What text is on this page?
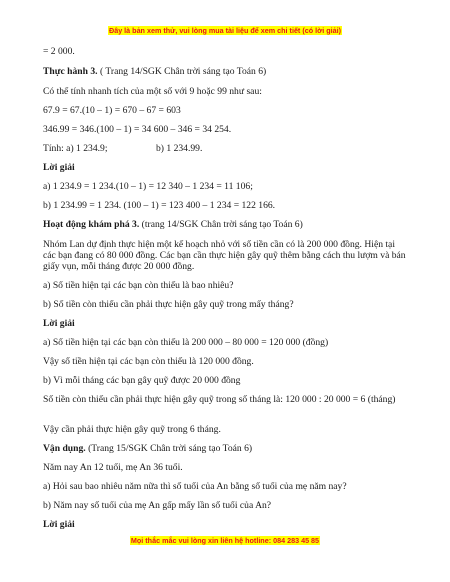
Đây là bản xem thử, vui lòng mua tài liệu để xem chi tiết (có lời giải)
= 2 000.
Thực hành 3. ( Trang 14/SGK Chân trời sáng tạo Toán 6)
Có thể tính nhanh tích của một số với 9 hoặc 99 như sau:
67.9 = 67.(10 – 1) = 670 – 67 = 603
346.99 = 346.(100 – 1) = 34 600 – 346 = 34 254.
Tính: a) 1 234.9;	b) 1 234.99.
Lời giải
a) 1 234.9 = 1 234.(10 – 1) = 12 340 – 1 234 = 11 106;
b) 1 234.99 = 1 234. (100 – 1) = 123 400 – 1 234 = 122 166.
Hoạt động khám phá 3. (trang 14/SGK Chân trời sáng tạo Toán 6)
Nhóm Lan dự định thực hiện một kế hoạch nhỏ với số tiền cần có là 200 000 đồng. Hiện tại các bạn đang có 80 000 đồng. Các bạn cần thực hiện gây quỹ thêm bằng cách thu lượm và bán giấy vụn, mỗi tháng được 20 000 đồng.
a) Số tiền hiện tại các bạn còn thiếu là bao nhiêu?
b) Số tiền còn thiếu cần phải thực hiện gây quỹ trong mấy tháng?
Lời giải
a) Số tiền hiện tại các bạn còn thiếu là 200 000 – 80 000 = 120 000 (đồng)
Vậy số tiền hiện tại các bạn còn thiếu là 120 000 đồng.
b) Vì mỗi tháng các bạn gây quỹ được 20 000 đồng
Số tiền còn thiếu cần phải thực hiện gây quỹ trong số tháng là: 120 000 : 20 000 = 6 (tháng)
Vậy cần phải thực hiện gây quỹ trong 6 tháng.
Vận dụng. (Trang 15/SGK Chân trời sáng tạo Toán 6)
Năm nay An 12 tuổi, mẹ An 36 tuổi.
a) Hỏi sau bao nhiêu năm nữa thì số tuổi của An bằng số tuổi của mẹ năm nay?
b) Năm nay số tuổi của mẹ An gấp mấy lần số tuổi của An?
Lời giải
Mọi thắc mắc vui lòng xin liên hệ hotline: 084 283 45 85
